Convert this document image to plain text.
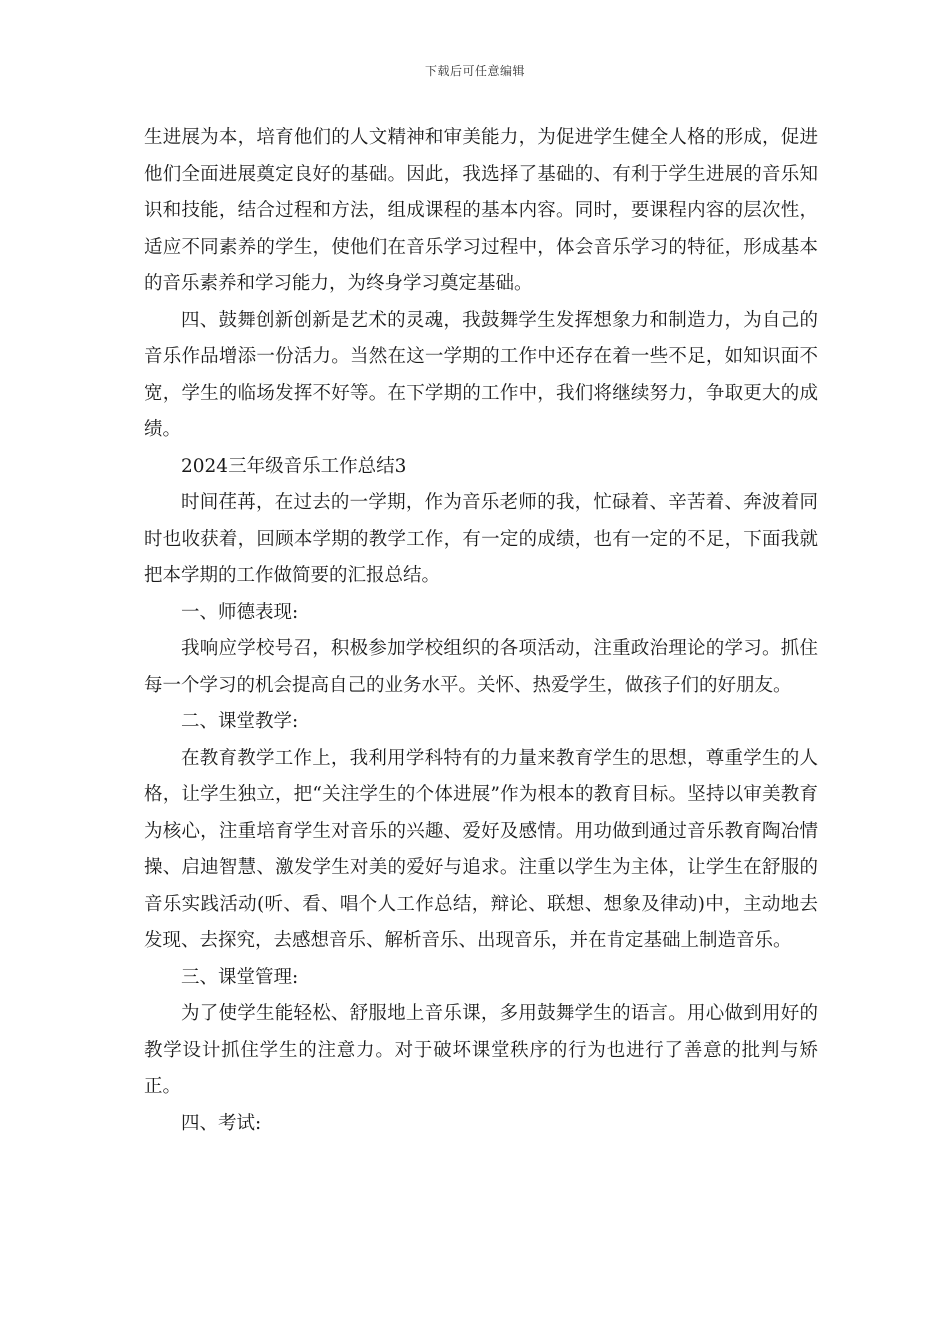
下载后可任意编辑

生进展为本，培育他们的人文精神和审美能力，为促进学生健全人格的形成，促进他们全面进展奠定良好的基础。因此，我选择了基础的、有利于学生进展的音乐知识和技能，结合过程和方法，组成课程的基本内容。同时，要课程内容的层次性，适应不同素养的学生，使他们在音乐学习过程中，体会音乐学习的特征，形成基本的音乐素养和学习能力，为终身学习奠定基础。

四、鼓舞创新创新是艺术的灵魂，我鼓舞学生发挥想象力和制造力，为自己的音乐作品增添一份活力。当然在这一学期的工作中还存在着一些不足，如知识面不宽，学生的临场发挥不好等。在下学期的工作中，我们将继续努力，争取更大的成绩。

2024三年级音乐工作总结3

时间荏苒，在过去的一学期，作为音乐老师的我，忙碌着、辛苦着、奔波着同时也收获着，回顾本学期的教学工作，有一定的成绩，也有一定的不足，下面我就把本学期的工作做简要的汇报总结。

一、师德表现:

我响应学校号召，积极参加学校组织的各项活动，注重政治理论的学习。抓住每一个学习的机会提高自己的业务水平。关怀、热爱学生，做孩子们的好朋友。

二、课堂教学:

在教育教学工作上，我利用学科特有的力量来教育学生的思想，尊重学生的人格，让学生独立，把“关注学生的个体进展”作为根本的教育目标。坚持以审美教育为核心，注重培育学生对音乐的兴趣、爱好及感情。用功做到通过音乐教育陶冶情操、启迪智慧、激发学生对美的爱好与追求。注重以学生为主体，让学生在舒服的音乐实践活动(听、看、唱个人工作总结，辩论、联想、想象及律动)中，主动地去发现、去探究，去感想音乐、解析音乐、出现音乐，并在肯定基础上制造音乐。

三、课堂管理:

为了使学生能轻松、舒服地上音乐课，多用鼓舞学生的语言。用心做到用好的教学设计抓住学生的注意力。对于破坏课堂秩序的行为也进行了善意的批判与矫正。

四、考试:
